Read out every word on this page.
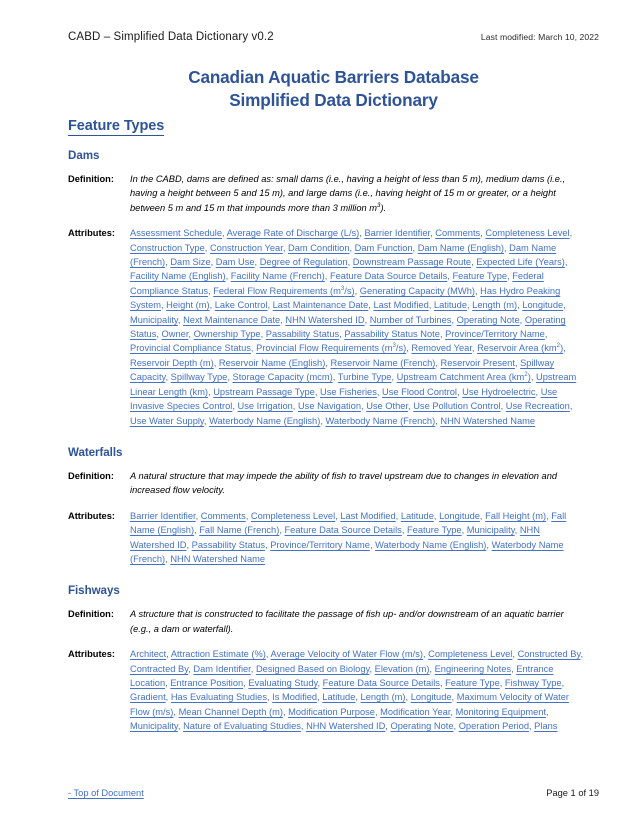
CABD – Simplified Data Dictionary v0.2	Last modified: March 10, 2022
Canadian Aquatic Barriers Database
Simplified Data Dictionary
Feature Types
Dams
Definition:	In the CABD, dams are defined as: small dams (i.e., having a height of less than 5 m), medium dams (i.e., having a height between 5 and 15 m), and large dams (i.e., having height of 15 m or greater, or a height between 5 m and 15 m that impounds more than 3 million $m^3$).
Attributes:	Assessment Schedule, Average Rate of Discharge (L/s), Barrier Identifier, Comments, Completeness Level, Construction Type, Construction Year, Dam Condition, Dam Function, Dam Name (English), Dam Name (French), Dam Size, Dam Use, Degree of Regulation, Downstream Passage Route, Expected Life (Years), Facility Name (English), Facility Name (French), Feature Data Source Details, Feature Type, Federal Compliance Status, Federal Flow Requirements $(m^3/s)$, Generating Capacity (MWh), Has Hydro Peaking System, Height (m), Lake Control, Last Maintenance Date, Last Modified, Latitude, Length (m), Longitude, Municipality, Next Maintenance Date, NHN Watershed ID, Number of Turbines, Operating Note, Operating Status, Owner, Ownership Type, Passability Status, Passability Status Note, Province/Territory Name, Provincial Compliance Status, Provincial Flow Requirements $(m^3/s)$, Removed Year, Reservoir Area $(km^2)$, Reservoir Depth (m), Reservoir Name (English), Reservoir Name (French), Reservoir Present, Spillway Capacity, Spillway Type, Storage Capacity (mcm), Turbine Type, Upstream Catchment Area $(km^2)$, Upstream Linear Length (km), Upstream Passage Type, Use Fisheries, Use Flood Control, Use Hydroelectric, Use Invasive Species Control, Use Irrigation, Use Navigation, Use Other, Use Pollution Control, Use Recreation, Use Water Supply, Waterbody Name (English), Waterbody Name (French), NHN Watershed Name
Waterfalls
Definition:	A natural structure that may impede the ability of fish to travel upstream due to changes in elevation and increased flow velocity.
Attributes:	Barrier Identifier, Comments, Completeness Level, Last Modified, Latitude, Longitude, Fall Height (m), Fall Name (English), Fall Name (French), Feature Data Source Details, Feature Type, Municipality, NHN Watershed ID, Passability Status, Province/Territory Name, Waterbody Name (English), Waterbody Name (French), NHN Watershed Name
Fishways
Definition:	A structure that is constructed to facilitate the passage of fish up- and/or downstream of an aquatic barrier (e.g., a dam or waterfall).
Attributes:	Architect, Attraction Estimate (%), Average Velocity of Water Flow (m/s), Completeness Level, Constructed By, Contracted By, Dam Identifier, Designed Based on Biology, Elevation (m), Engineering Notes, Entrance Location, Entrance Position, Evaluating Study, Feature Data Source Details, Feature Type, Fishway Type, Gradient, Has Evaluating Studies, Is Modified, Latitude, Length (m), Longitude, Maximum Velocity of Water Flow (m/s), Mean Channel Depth (m), Modification Purpose, Modification Year, Monitoring Equipment, Municipality, Nature of Evaluating Studies, NHN Watershed ID, Operating Note, Operation Period, Plans
- Top of Document	Page 1 of 19
